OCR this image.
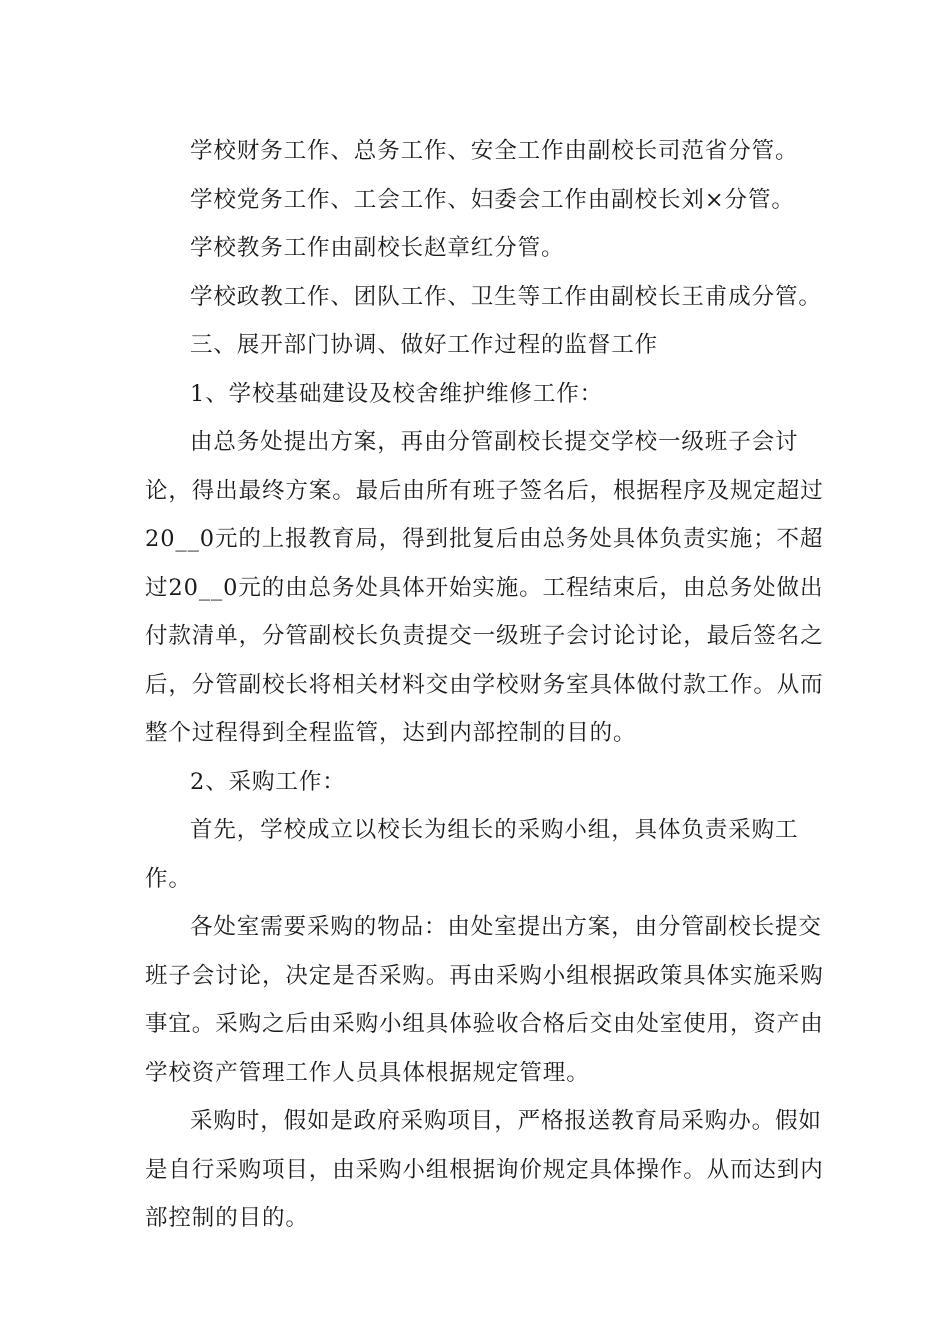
学校财务工作、总务工作、安全工作由副校长司范省分管。

学校党务工作、工会工作、妇委会工作由副校长刘×分管。

学校教务工作由副校长赵章红分管。

学校政教工作、团队工作、卫生等工作由副校长王甫成分管。

三、展开部门协调、做好工作过程的监督工作

1、学校基础建设及校舍维护维修工作：

由总务处提出方案，再由分管副校长提交学校一级班子会讨论，得出最终方案。最后由所有班子签名后，根据程序及规定超过20__0元的上报教育局，得到批复后由总务处具体负责实施；不超过20__0元的由总务处具体开始实施。工程结束后，由总务处做出付款清单，分管副校长负责提交一级班子会讨论讨论，最后签名之后，分管副校长将相关材料交由学校财务室具体做付款工作。从而整个过程得到全程监管，达到内部控制的目的。

2、采购工作：

首先，学校成立以校长为组长的采购小组，具体负责采购工作。

各处室需要采购的物品：由处室提出方案，由分管副校长提交班子会讨论，决定是否采购。再由采购小组根据政策具体实施采购事宜。采购之后由采购小组具体验收合格后交由处室使用，资产由学校资产管理工作人员具体根据规定管理。

采购时，假如是政府采购项目，严格报送教育局采购办。假如是自行采购项目，由采购小组根据询价规定具体操作。从而达到内部控制的目的。
